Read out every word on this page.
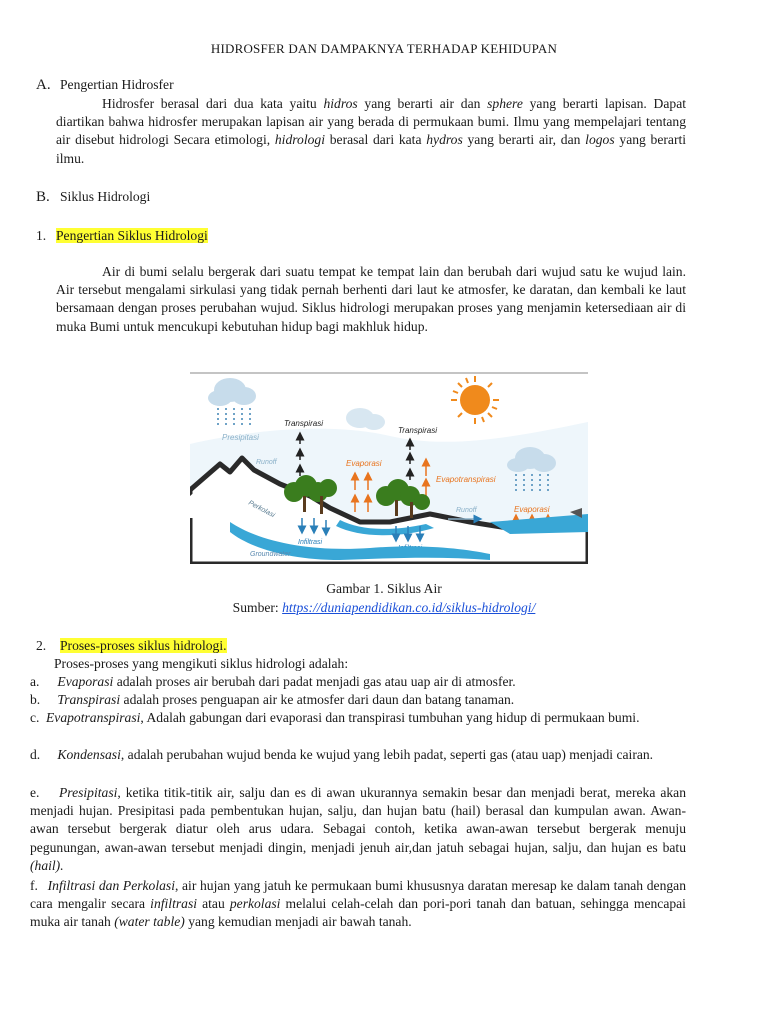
HIDROSFER DAN DAMPAKNYA TERHADAP KEHIDUPAN
A. Pengertian Hidrosfer
Hidrosfer berasal dari dua kata yaitu hidros yang berarti air dan sphere yang berarti lapisan. Dapat diartikan bahwa hidrosfer merupakan lapisan air yang berada di permukaan bumi. Ilmu yang mempelajari tentang air disebut hidrologi Secara etimologi, hidrologi berasal dari kata hydros yang berarti air, dan logos yang berarti ilmu.
B. Siklus Hidrologi
1. Pengertian Siklus Hidrologi
Air di bumi selalu bergerak dari suatu tempat ke tempat lain dan berubah dari wujud satu ke wujud lain. Air tersebut mengalami sirkulasi yang tidak pernah berhenti dari laut ke atmosfer, ke daratan, dan kembali ke laut bersamaan dengan proses perubahan wujud. Siklus hidrologi merupakan proses yang menjamin ketersediaan air di muka Bumi untuk mencukupi kebutuhan hidup bagi makhluk hidup.
Presipitasi
Transpirasi
Transpirasi
Evaporasi
Evapotranspirasi
Evaporasi
Runoff
Runoff
Perkolasi
Infiltrasi
Groundwater
Gambar 1. Siklus Air
Sumber: https://duniapendidikan.co.id/siklus-hidrologi/
2. Proses-proses siklus hidrologi.
Proses-proses yang mengikuti siklus hidrologi adalah:
a. Evaporasi adalah proses air berubah dari padat menjadi gas atau uap air di atmosfer.
b. Transpirasi adalah proses penguapan air ke atmosfer dari daun dan batang tanaman.
c. Evapotranspirasi, Adalah gabungan dari evaporasi dan transpirasi tumbuhan yang hidup di permukaan bumi.
d. Kondensasi, adalah perubahan wujud benda ke wujud yang lebih padat, seperti gas (atau uap) menjadi cairan.
e. Presipitasi, ketika titik-titik air, salju dan es di awan ukurannya semakin besar dan menjadi berat, mereka akan menjadi hujan. Presipitasi pada pembentukan hujan, salju, dan hujan batu (hail) berasal dan kumpulan awan. Awan-awan tersebut bergerak diatur oleh arus udara. Sebagai contoh, ketika awan-awan tersebut bergerak menuju pegunungan, awan-awan tersebut menjadi dingin, menjadi jenuh air,dan jatuh sebagai hujan, salju, dan hujan es batu (hail).
f. Infiltrasi dan Perkolasi, air hujan yang jatuh ke permukaan bumi khususnya daratan meresap ke dalam tanah dengan cara mengalir secara infiltrasi atau perkolasi melalui celah-celah dan pori-pori tanah dan batuan, sehingga mencapai muka air tanah (water table) yang kemudian menjadi air bawah tanah.
